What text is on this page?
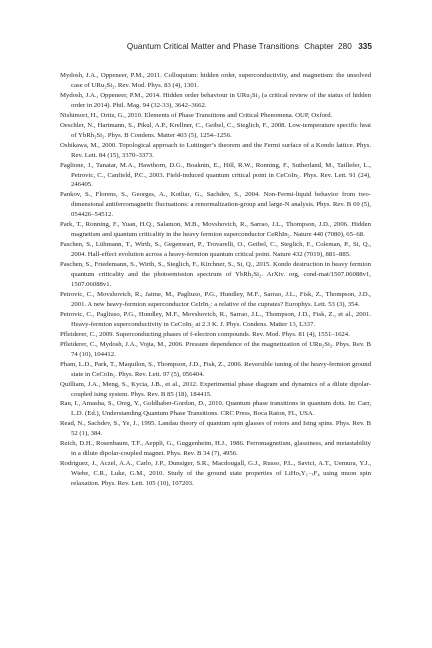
Quantum Critical Matter and Phase Transitions Chapter 280 335

Mydosh, J.A., Oppeneer, P.M., 2011. Colloquium: hidden order, superconductivity, and magnetism: the unsolved case of URu₂Si₂. Rev. Mod. Phys. 83 (4), 1301.

Mydosh, J.A., Oppeneer, P.M., 2014. Hidden order behaviour in URu₂Si₂ (a critical review of the status of hidden order in 2014). Phil. Mag. 94 (32-33), 3642–3662.

Nishimori, H., Ortiz, G., 2010. Elements of Phase Transitions and Critical Phenomena. OUP, Oxford.

Oeschler, N., Hartmann, S., Pikul, A.P., Krellner, C., Geibel, C., Steglich, F., 2008. Low-temperature specific heat of YbRh₂Si₂. Phys. B Condens. Matter 403 (5), 1254–1256.

Oshikawa, M., 2000. Topological approach to Luttinger’s theorem and the Fermi surface of a Kondo lattice. Phys. Rev. Lett. 84 (15), 3370–3373.

Paglione, J., Tanatar, M.A., Hawthorn, D.G., Boaknin, E., Hill, R.W., Ronning, F., Sutherland, M., Taillefer, L., Petrovic, C., Canfield, P.C., 2003. Field-induced quantum critical point in CeCoIn₅. Phys. Rev. Lett. 91 (24), 246405.

Pankov, S., Florens, S., Georges, A., Kotliar, G., Sachdev, S., 2004. Non-Fermi-liquid behavior from two-dimensional antiferromagnetic fluctuations: a renormalization-group and large-N analysis. Phys. Rev. B 69 (5), 054426–54512.

Park, T., Ronning, F., Yuan, H.Q., Salamon, M.B., Movshovich, R., Sarrao, J.L., Thompson, J.D., 2006. Hidden magnetism and quantum criticality in the heavy fermion superconductor CeRhIn₅. Nature 440 (7080), 65–68.

Paschen, S., Lühmann, T., Wirth, S., Gegenwart, P., Trovarelli, O., Geibel, C., Steglich, F., Coleman, P., Si, Q., 2004. Hall-effect evolution across a heavy-fermion quantum critical point. Nature 432 (7019), 881–885.

Paschen, S., Friedemann, S., Wirth, S., Steglich, F., Kirchner, S., Si, Q., 2015. Kondo destruction in heavy fermion quantum criticality and the photoemission spectrum of YbRh₂Si₂. ArXiv. org, cond-mat/1507.06088v1, 1507.06088v1.

Petrovic, C., Movshovich, R., Jaime, M., Pagliuso, P.G., Hundley, M.F., Sarrao, J.L., Fisk, Z., Thompson, J.D., 2001. A new heavy-fermion superconductor CeIrIn₅: a relative of the cuprates? Europhys. Lett. 53 (3), 354.

Petrovic, C., Pagliuso, P.G., Hundley, M.F., Movshovich, R., Sarrao, J.L., Thompson, J.D., Fisk, Z., et al., 2001. Heavy-fermion superconductivity in CeCoIn₅ at 2.3 K. J. Phys. Condens. Matter 13, L337.

Pfleiderer, C., 2009. Superconducting phases of f-electron compounds. Rev. Mod. Phys. 81 (4), 1551–1624.

Pfleiderer, C., Mydosh, J.A., Vojta, M., 2006. Pressure dependence of the magnetization of URu₂Si₂. Phys. Rev. B 74 (10), 104412.

Pham, L.D., Park, T., Maquilon, S., Thompson, J.D., Fisk, Z., 2006. Reversible tuning of the heavy-fermion ground state in CeCoIn₅. Phys. Rev. Lett. 97 (5), 056404.

Quilliam, J.A., Meng, S., Kycia, J.B., et al., 2012. Experimental phase diagram and dynamics of a dilute dipolar-coupled ising system. Phys. Rev. B 85 (18), 184415.

Rau, I., Amasha, S., Oreg, Y., Goldhaber-Gordon, D., 2010. Quantum phase transitions in quantum dots. In: Carr, L.D. (Ed.), Understanding Quantum Phase Transitions. CRC Press, Boca Raton, FL, USA.

Read, N., Sachdev, S., Ye, J., 1995. Landau theory of quantum spin glasses of rotors and Ising spins. Phys. Rev. B 52 (1), 384.

Reich, D.H., Rosenbaum, T.F., Aeppli, G., Guggenheim, H.J., 1986. Ferromagnetism, glassiness, and metastability in a dilute dipolar-coupled magnet. Phys. Rev. B 34 (7), 4956.

Rodriguez, J., Aczel, A.A., Carlo, J.P., Dunsiger, S.R., Macdougall, G.J., Russo, P.L., Savici, A.T., Uemura, Y.J., Wiebe, C.R., Luke, G.M., 2010. Study of the ground state properties of LiHoₓY₁₋ₓF₄ using muon spin relaxation. Phys. Rev. Lett. 105 (10), 107203.
